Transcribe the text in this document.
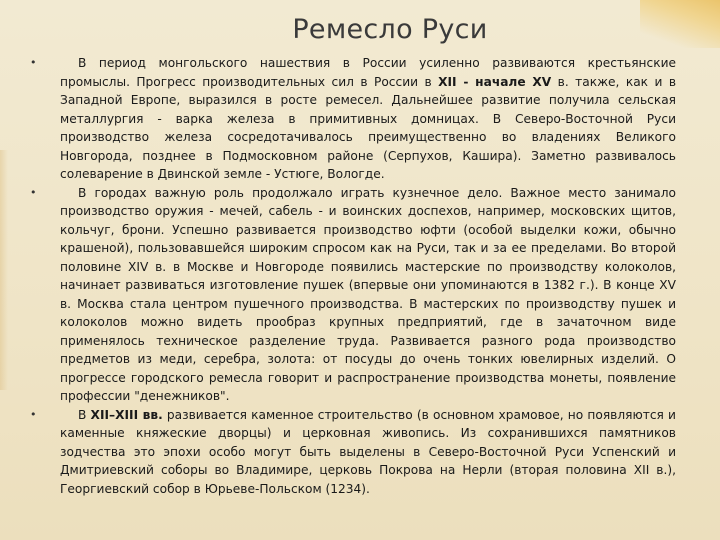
Ремесло Руси

•	В период монгольского нашествия в России усиленно развиваются крестьянские промыслы. Прогресс производительных сил в России в XII - начале XV в. также, как и в Западной Европе, выразился в росте ремесел. Дальнейшее развитие получила сельская металлургия - варка железа в примитивных домницах. В Северо-Восточной Руси производство железа сосредотачивалось преимущественно во владениях Великого Новгорода, позднее в Подмосковном районе (Серпухов, Кашира). Заметно развивалось солеварение в Двинской земле - Устюге, Вологде.

•	В городах важную роль продолжало играть кузнечное дело. Важное место занимало производство оружия - мечей, сабель - и воинских доспехов, например, московских щитов, кольчуг, брони. Успешно развивается производство юфти (особой выделки кожи, обычно крашеной), пользовавшейся широким спросом как на Руси, так и за ее пределами. Во второй половине XIV в. в Москве и Новгороде появились мастерские по производству колоколов, начинает развиваться изготовление пушек (впервые они упоминаются в 1382 г.). В конце XV в. Москва стала центром пушечного производства. В мастерских по производству пушек и колоколов можно видеть прообраз крупных предприятий, где в зачаточном виде применялось техническое разделение труда. Развивается разного рода производство предметов из меди, серебра, золота: от посуды до очень тонких ювелирных изделий. О прогрессе городского ремесла говорит и распространение производства монеты, появление профессии "денежников".

•	В XII–XIII вв. развивается каменное строительство (в основном храмовое, но появляются и каменные княжеские дворцы) и церковная живопись. Из сохранившихся памятников зодчества это эпохи особо могут быть выделены в Северо-Восточной Руси Успенский и Дмитриевский соборы во Владимире, церковь Покрова на Нерли (вторая половина XII в.), Георгиевский собор в Юрьеве-Польском (1234).
